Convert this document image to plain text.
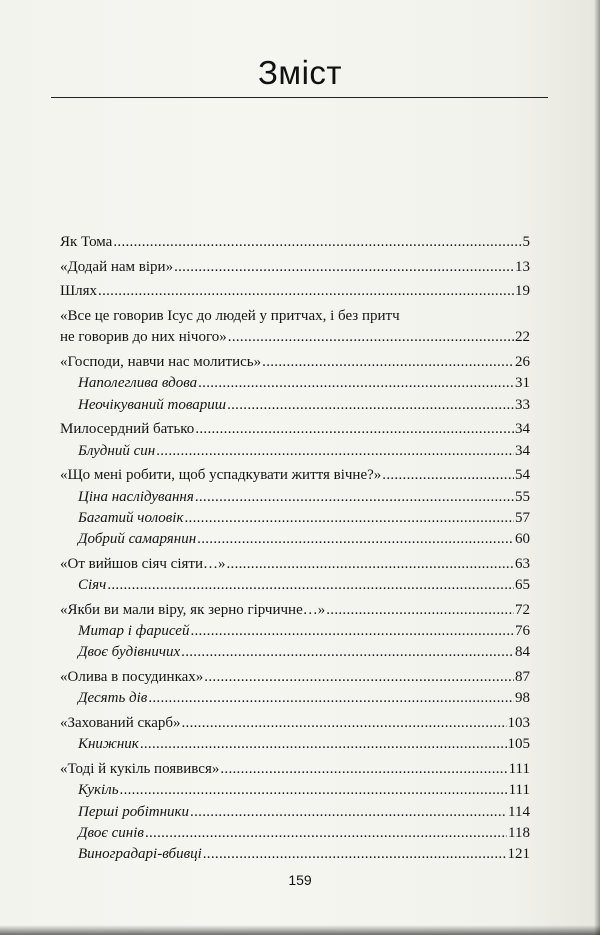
Зміст
Як Тома .....	5
«Додай нам віри» .....	13
Шлях .....	19
«Все це говорив Ісус до людей у притчах, і без притч
не говорив до них нічого» .....	22
«Господи, навчи нас молитись» .....	26
Наполеглива вдова .....	31
Неочікуваний товариш .....	33
Милосердний батько .....	34
Блудний син .....	34
«Що мені робити, щоб успадкувати життя вічне?» .....	54
Ціна наслідування .....	55
Багатий чоловік .....	57
Добрий самарянин .....	60
«От вийшов сіяч сіяти…» .....	63
Сіяч .....	65
«Якби ви мали віру, як зерно гірчичне…» .....	72
Митар і фарисей .....	76
Двоє будівничих .....	84
«Олива в посудинках» .....	87
Десять дів .....	98
«Захований скарб» .....	103
Книжник .....	105
«Тоді й кукіль появився» .....	111
Кукіль .....	111
Перші робітники .....	114
Двоє синів .....	118
Виноградарі-вбивці .....	121
159
